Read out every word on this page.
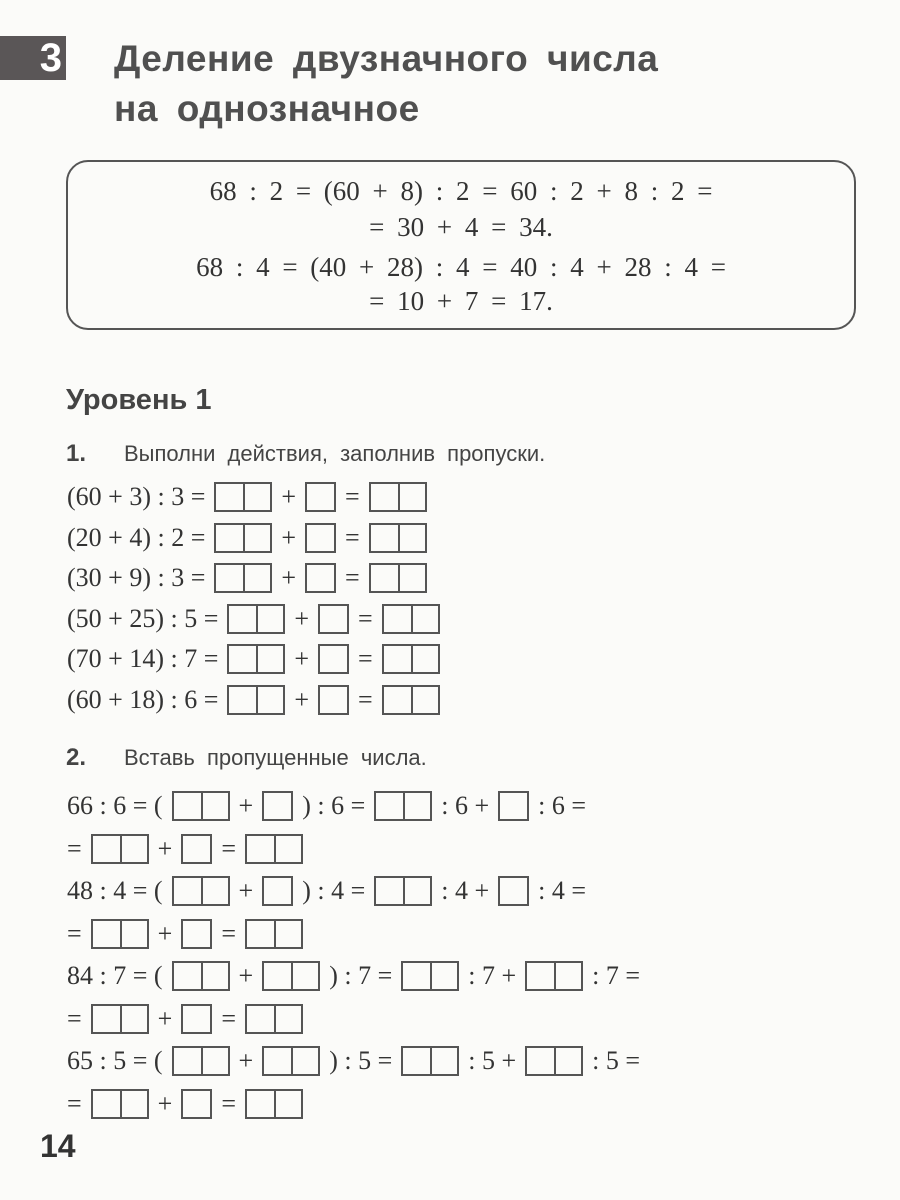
3 Деление двузначного числа
на однозначное
68 : 2 = (60 + 8) : 2 = 60 : 2 + 8 : 2 =
= 30 + 4 = 34.
68 : 4 = (40 + 28) : 4 = 40 : 4 + 28 : 4 =
= 10 + 7 = 17.
Уровень 1
1. Выполни действия, заполнив пропуски.
(60 + 3) : 3 =	+ =
(20 + 4) : 2 =	+ =
(30 + 9) : 3 =	+ =
(50 + 25) : 5 =	+ =
(70 + 14) : 7 =	+ =
(60 + 18) : 6 =	+ =
2. Вставь пропущенные числа.
66 : 6 = (	+ ) : 6 =	: 6 + : 6 =
=	+ =
48 : 4 = (	+ ) : 4 =	: 4 + : 4 =
=	+ =
84 : 7 = (	+	) : 7 =	: 7 +	: 7 =
=	+ =
65 : 5 = (	+	) : 5 =	: 5 +	: 5 =
=	+ =
14
